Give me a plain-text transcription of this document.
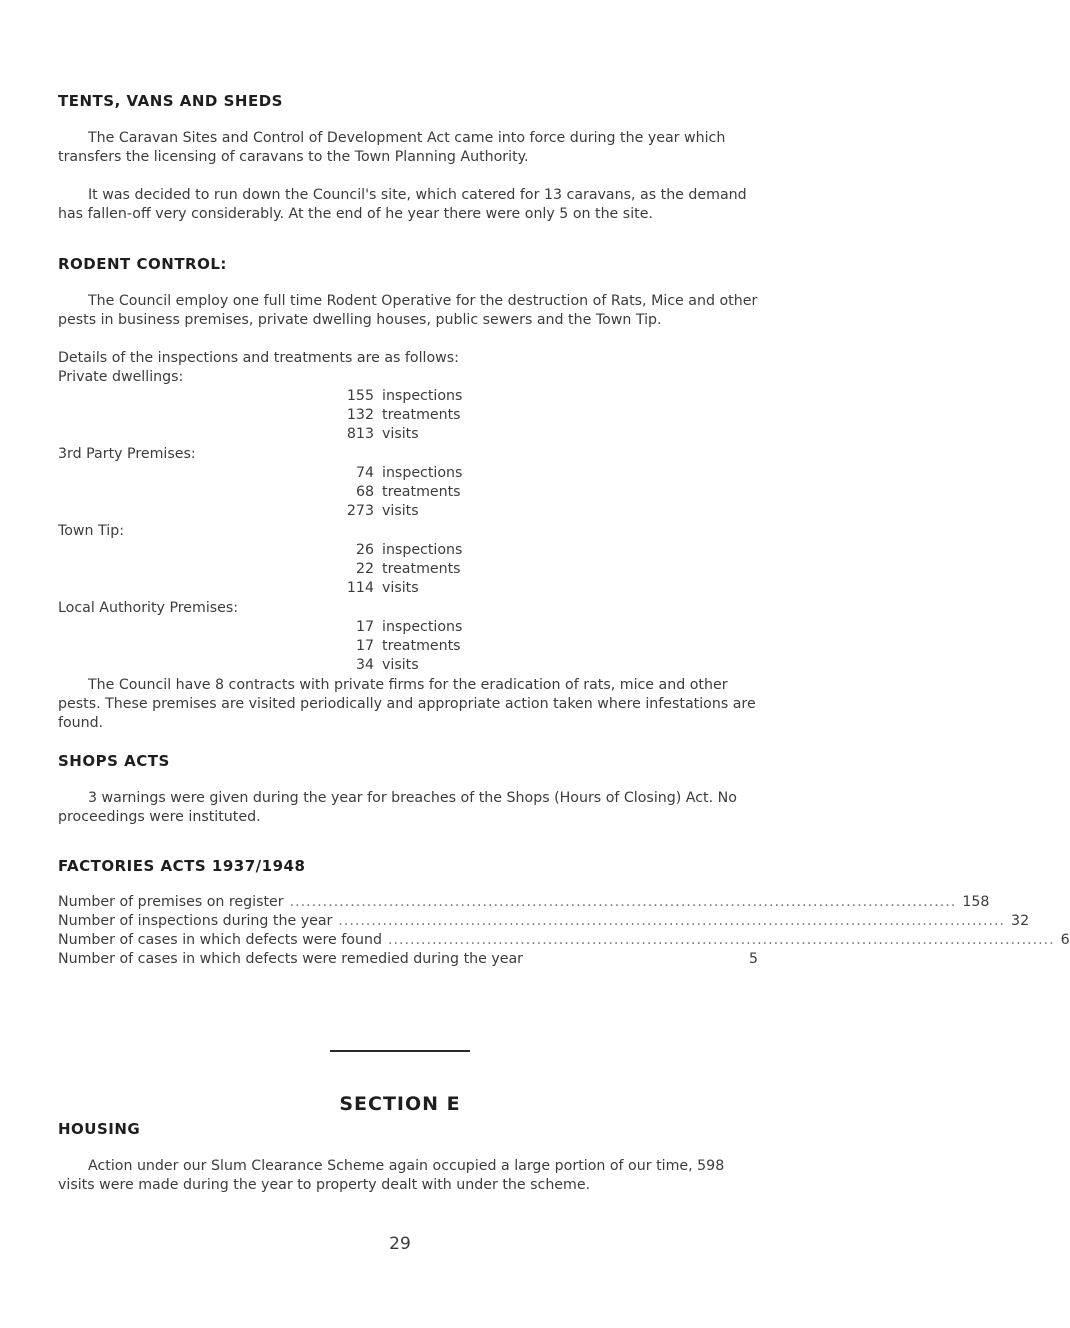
TENTS, VANS AND SHEDS

The Caravan Sites and Control of Development Act came into force during the year which transfers the licensing of caravans to the Town Planning Authority.

It was decided to run down the Council's site, which catered for 13 caravans, as the demand has fallen-off very considerably. At the end of he year there were only 5 on the site.

RODENT CONTROL:

The Council employ one full time Rodent Operative for the destruction of Rats, Mice and other pests in business premises, private dwelling houses, public sewers and the Town Tip.

Details of the inspections and treatments are as follows:

Private dwellings:
155 inspections
132 treatments
813 visits
3rd Party Premises:
74 inspections
68 treatments
273 visits
Town Tip:
26 inspections
22 treatments
114 visits
Local Authority Premises:
17 inspections
17 treatments
34 visits

The Council have 8 contracts with private firms for the eradication of rats, mice and other pests. These premises are visited periodically and appropriate action taken where infestations are found.

SHOPS ACTS

3 warnings were given during the year for breaches of the Shops (Hours of Closing) Act. No proceedings were instituted.

FACTORIES ACTS 1937/1948
Number of premises on register ......................................................................................................................... 158
Number of inspections during the year ......................................................................................................................... 32
Number of cases in which defects were found ......................................................................................................................... 6
Number of cases in which defects were remedied during the year	5
SECTION E
HOUSING

Action under our Slum Clearance Scheme again occupied a large portion of our time, 598 visits were made during the year to property dealt with under the scheme.

29
